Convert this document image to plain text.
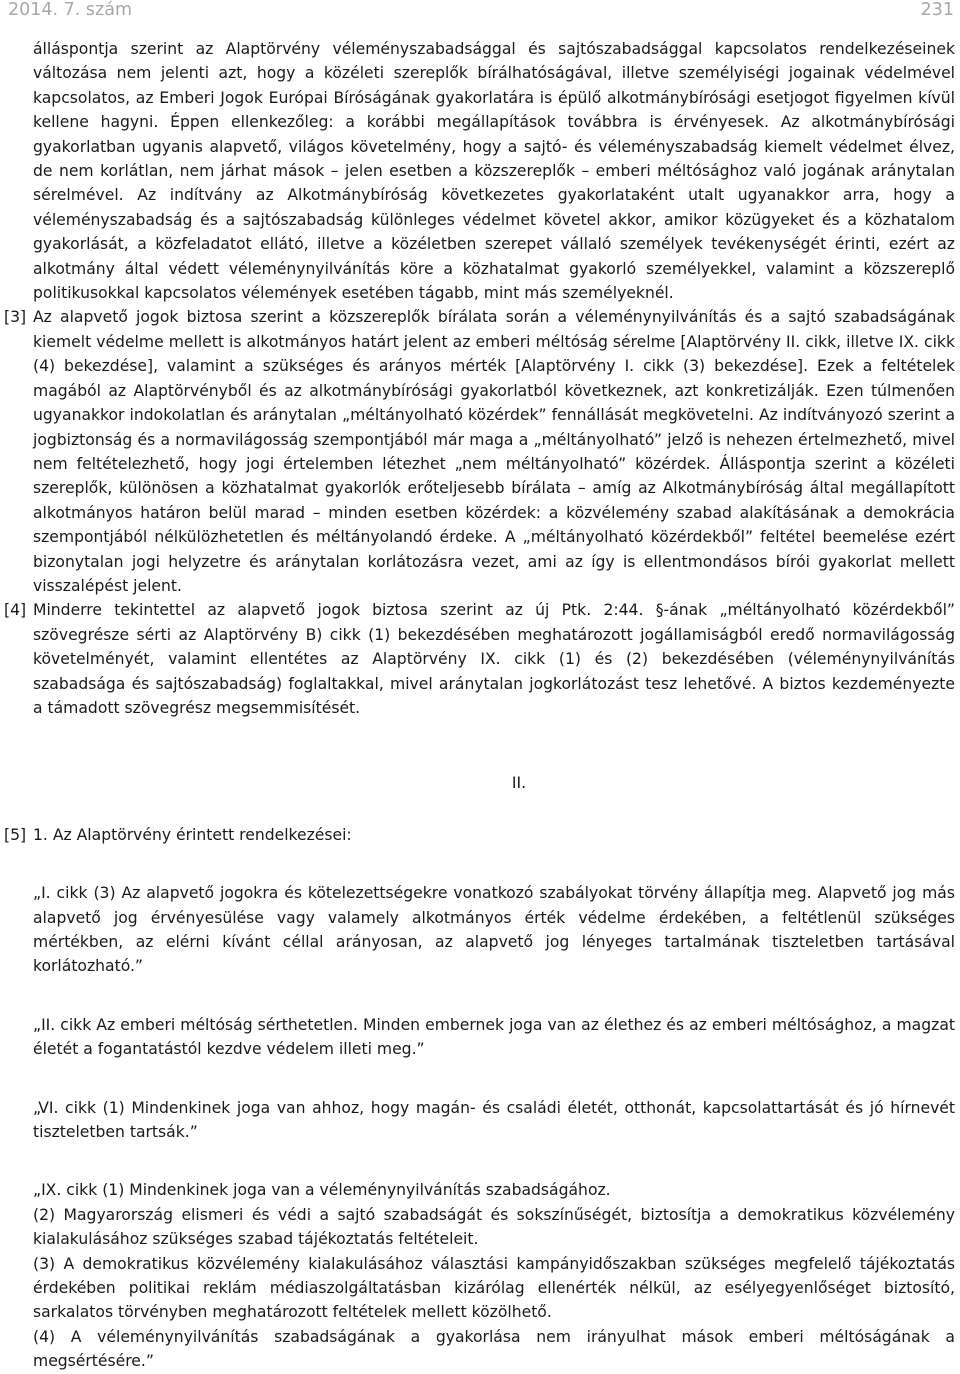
2014. 7. szám	231

álláspontja szerint az Alaptörvény véleményszabadsággal és sajtószabadsággal kapcsolatos rendelkezéseinek változása nem jelenti azt, hogy a közéleti szereplők bírálhatóságával, illetve személyiségi jogainak védelmével kapcsolatos, az Emberi Jogok Európai Bíróságának gyakorlatára is épülő alkotmánybírósági esetjogot figyelmen kívül kellene hagyni. Éppen ellenkezőleg: a korábbi megállapítások továbbra is érvényesek. Az alkotmánybírósági gyakorlatban ugyanis alapvető, világos követelmény, hogy a sajtó- és véleményszabadság kiemelt védelmet élvez, de nem korlátlan, nem járhat mások – jelen esetben a közszereplők – emberi méltósághoz való jogának aránytalan sérelmével. Az indítvány az Alkotmánybíróság következetes gyakorlataként utalt ugyanakkor arra, hogy a véleményszabadság és a sajtószabadság különleges védelmet követel akkor, amikor közügyeket és a közhatalom gyakorlását, a közfeladatot ellátó, illetve a közéletben szerepet vállaló személyek tevékenységét érinti, ezért az alkotmány által védett véleménynyilvánítás köre a közhatalmat gyakorló személyekkel, valamint a közszereplő politikusokkal kapcsolatos vélemények esetében tágabb, mint más személyeknél.

[3] Az alapvető jogok biztosa szerint a közszereplők bírálata során a véleménynyilvánítás és a sajtó szabadságának kiemelt védelme mellett is alkotmányos határt jelent az emberi méltóság sérelme [Alaptörvény II. cikk, illetve IX. cikk (4) bekezdése], valamint a szükséges és arányos mérték [Alaptörvény I. cikk (3) bekezdése]. Ezek a feltételek magából az Alaptörvényből és az alkotmánybírósági gyakorlatból következnek, azt konkretizálják. Ezen túlmenően ugyanakkor indokolatlan és aránytalan „méltányolható közérdek” fennállását megkövetelni. Az indítványozó szerint a jogbiztonság és a normavilágosság szempontjából már maga a „méltányolható” jelző is nehezen értelmezhető, mivel nem feltételezhető, hogy jogi értelemben létezhet „nem méltányolható” közérdek. Álláspontja szerint a közéleti szereplők, különösen a közhatalmat gyakorlók erőteljesebb bírálata – amíg az Alkotmánybíróság által megállapított alkotmányos határon belül marad – minden esetben közérdek: a közvélemény szabad alakításának a demokrácia szempontjából nélkülözhetetlen és méltányolandó érdeke. A „méltányolható közérdekből” feltétel beemelése ezért bizonytalan jogi helyzetre és aránytalan korlátozásra vezet, ami az így is ellentmondásos bírói gyakorlat mellett visszalépést jelent.

[4] Minderre tekintettel az alapvető jogok biztosa szerint az új Ptk. 2:44. §-ának „méltányolható közérdekből” szövegrésze sérti az Alaptörvény B) cikk (1) bekezdésében meghatározott jogállamiságból eredő normavilágosság követelményét, valamint ellentétes az Alaptörvény IX. cikk (1) és (2) bekezdésében (véleménynyilvánítás szabadsága és sajtószabadság) foglaltakkal, mivel aránytalan jogkorlátozást tesz lehetővé. A biztos kezdeményezte a támadott szövegrész megsemmisítését.

II.

[5] 1. Az Alaptörvény érintett rendelkezései:

„I. cikk (3) Az alapvető jogokra és kötelezettségekre vonatkozó szabályokat törvény állapítja meg. Alapvető jog más alapvető jog érvényesülése vagy valamely alkotmányos érték védelme érdekében, a feltétlenül szükséges mértékben, az elérni kívánt céllal arányosan, az alapvető jog lényeges tartalmának tiszteletben tartásával korlátozható.”

„II. cikk Az emberi méltóság sérthetetlen. Minden embernek joga van az élethez és az emberi méltósághoz, a magzat életét a fogantatástól kezdve védelem illeti meg.”

„VI. cikk (1) Mindenkinek joga van ahhoz, hogy magán- és családi életét, otthonát, kapcsolattartását és jó hírnevét tiszteletben tartsák.”

„IX. cikk (1) Mindenkinek joga van a véleménynyilvánítás szabadságához.

(2) Magyarország elismeri és védi a sajtó szabadságát és sokszínűségét, biztosítja a demokratikus közvélemény kialakulásához szükséges szabad tájékoztatás feltételeit.

(3) A demokratikus közvélemény kialakulásához választási kampányidőszakban szükséges megfelelő tájékoztatás érdekében politikai reklám médiaszolgáltatásban kizárólag ellenérték nélkül, az esélyegyenlőséget biztosító, sarkalatos törvényben meghatározott feltételek mellett közölhető.

(4) A véleménynyilvánítás szabadságának a gyakorlása nem irányulhat mások emberi méltóságának a megsértésére.”
